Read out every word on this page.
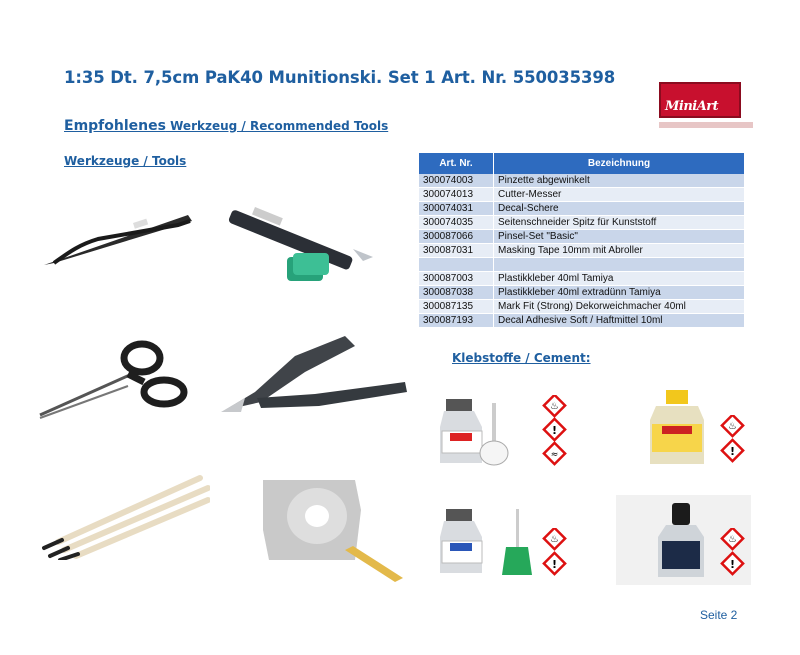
1:35 Dt. 7,5cm PaK40 Munitionski. Set 1 Art. Nr. 550035398
Empfohlenes Werkzeug / Recommended Tools
MiniArt
Werkzeuge / Tools
Klebstoffe / Cement:
Art. Nr.	Bezeichnung
300074003	Pinzette abgewinkelt
300074013	Cutter-Messer
300074031	Decal-Schere
300074035	Seitenschneider Spitz für Kunststoff
300087066	Pinsel-Set "Basic"
300087031	Masking Tape 10mm mit Abroller

300087003	Plastikkleber 40ml Tamiya
300087038	Plastikkleber 40ml extradünn Tamiya
300087135	Mark Fit (Strong) Dekorweichmacher 40ml
300087193	Decal Adhesive Soft / Haftmittel 10ml
♨
!
≈
♨
!
♨
!
♨
!
Seite 2
